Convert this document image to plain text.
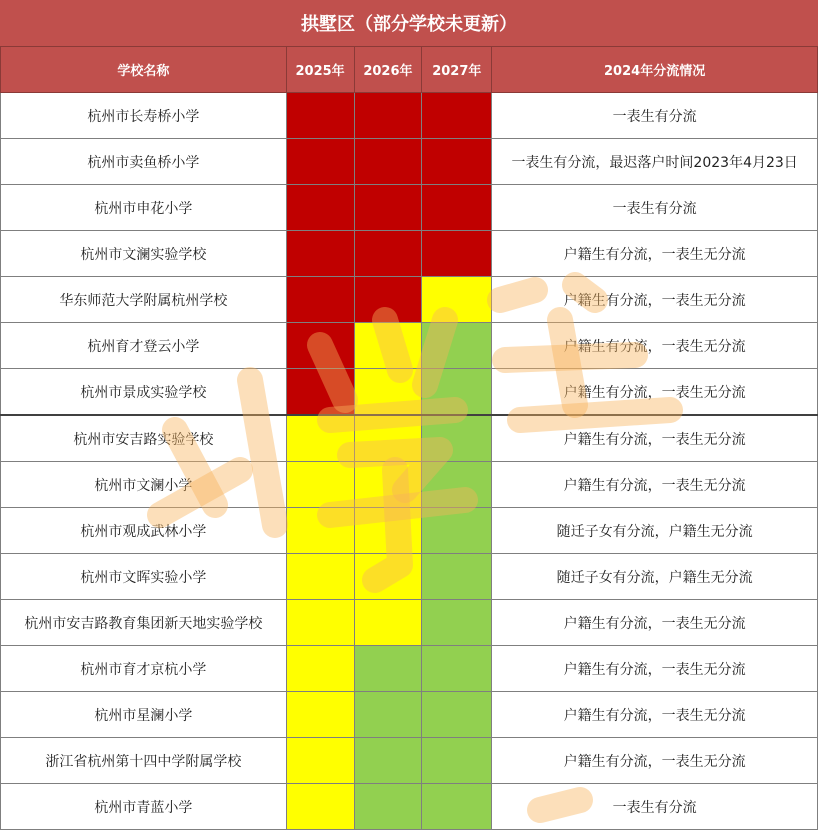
拱墅区（部分学校未更新）
学校名称	2025年	2026年	2027年	2024年分流情况
杭州市长寿桥小学				一表生有分流
杭州市卖鱼桥小学				一表生有分流，最迟落户时间2023年4月23日
杭州市申花小学				一表生有分流
杭州市文澜实验学校				户籍生有分流，一表生无分流
华东师范大学附属杭州学校				户籍生有分流，一表生无分流
杭州育才登云小学				户籍生有分流，一表生无分流
杭州市景成实验学校				户籍生有分流，一表生无分流
杭州市安吉路实验学校				户籍生有分流，一表生无分流
杭州市文澜小学				户籍生有分流，一表生无分流
杭州市观成武林小学				随迁子女有分流，户籍生无分流
杭州市文晖实验小学				随迁子女有分流，户籍生无分流
杭州市安吉路教育集团新天地实验学校				户籍生有分流，一表生无分流
杭州市育才京杭小学				户籍生有分流，一表生无分流
杭州市星澜小学				户籍生有分流，一表生无分流
浙江省杭州第十四中学附属学校				户籍生有分流，一表生无分流
杭州市青蓝小学				一表生有分流
